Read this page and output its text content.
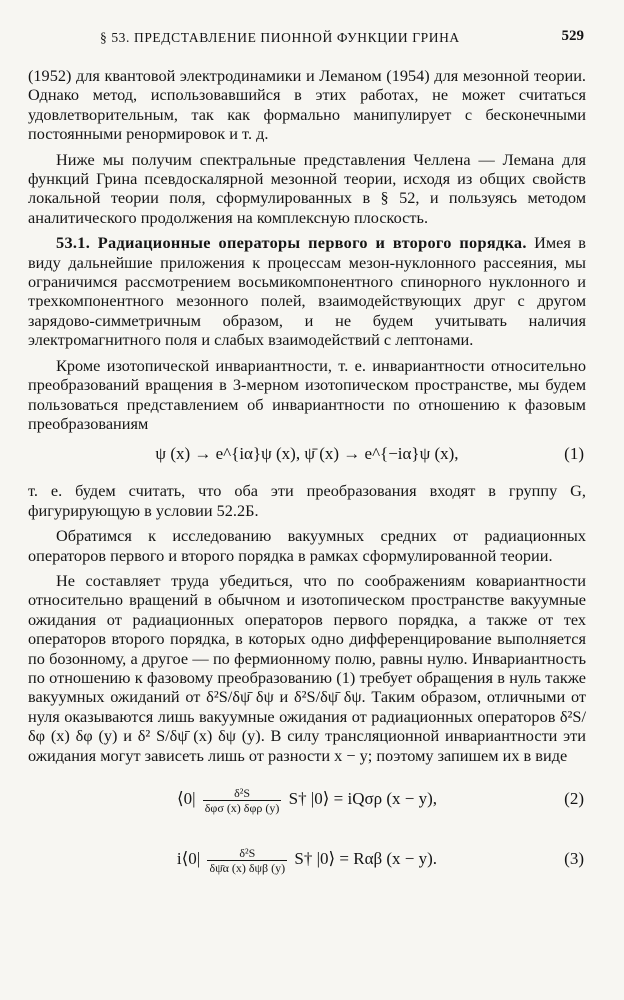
§ 53. ПРЕДСТАВЛЕНИЕ ПИОННОЙ ФУНКЦИИ ГРИНА	529

(1952) для квантовой электродинамики и Леманом (1954) для мезонной теории. Однако метод, использовавшийся в этих работах, не может считаться удовлетворительным, так как формально манипулирует с бесконечными постоянными ренормировок и т. д.

Ниже мы получим спектральные представления Челлена — Лемана для функций Грина псевдоскалярной мезонной теории, исходя из общих свойств локальной теории поля, сформулированных в § 52, и пользуясь методом аналитического продолжения на комплексную плоскость.

53.1. Радиационные операторы первого и второго порядка. Имея в виду дальнейшие приложения к процессам мезон-нуклонного рассеяния, мы ограничимся рассмотрением восьмикомпонентного спинорного нуклонного и трехкомпонентного мезонного полей, взаимодействующих друг с другом зарядово-симметричным образом, и не будем учитывать наличия электромагнитного поля и слабых взаимодействий с лептонами.

Кроме изотопической инвариантности, т. е. инвариантности относительно преобразований вращения в 3-мерном изотопическом пространстве, мы будем пользоваться представлением об инвариантности по отношению к фазовым преобразованиям

ψ (x) → e^{iα}ψ (x), ψ̄ (x) → e^{−iα}ψ (x),	(1)

т. е. будем считать, что оба эти преобразования входят в группу G, фигурирующую в условии 52.2Б.

Обратимся к исследованию вакуумных средних от радиационных операторов первого и второго порядка в рамках сформулированной теории.

Не составляет труда убедиться, что по соображениям ковариантности относительно вращений в обычном и изотопическом пространстве вакуумные ожидания от радиационных операторов первого порядка, а также от тех операторов второго порядка, в которых одно дифференцирование выполняется по бозонному, а другое — по фермионному полю, равны нулю. Инвариантность по отношению к фазовому преобразованию (1) требует обращения в нуль также вакуумных ожиданий от δ²S/δψ̄ δψ и δ²S/δψ̄ δψ. Таким образом, отличными от нуля оказываются лишь вакуумные ожидания от радиационных операторов δ²S/δφ (x) δφ (y) и δ² S/δψ̄ (x) δψ (y). В силу трансляционной инвариантности эти ожидания могут зависеть лишь от разности x − y; поэтому запишем их в виде

⟨0| $\frac{\text{δ²S}}{\text{δφσ (x) δφρ (y)}}$ S† |0⟩ = iQσρ (x − y),	(2)
i⟨0| $\frac{\text{δ²S}}{\text{δψ̄α (x) δψβ (y)}}$ S† |0⟩ = Rαβ (x − y).	(3)
